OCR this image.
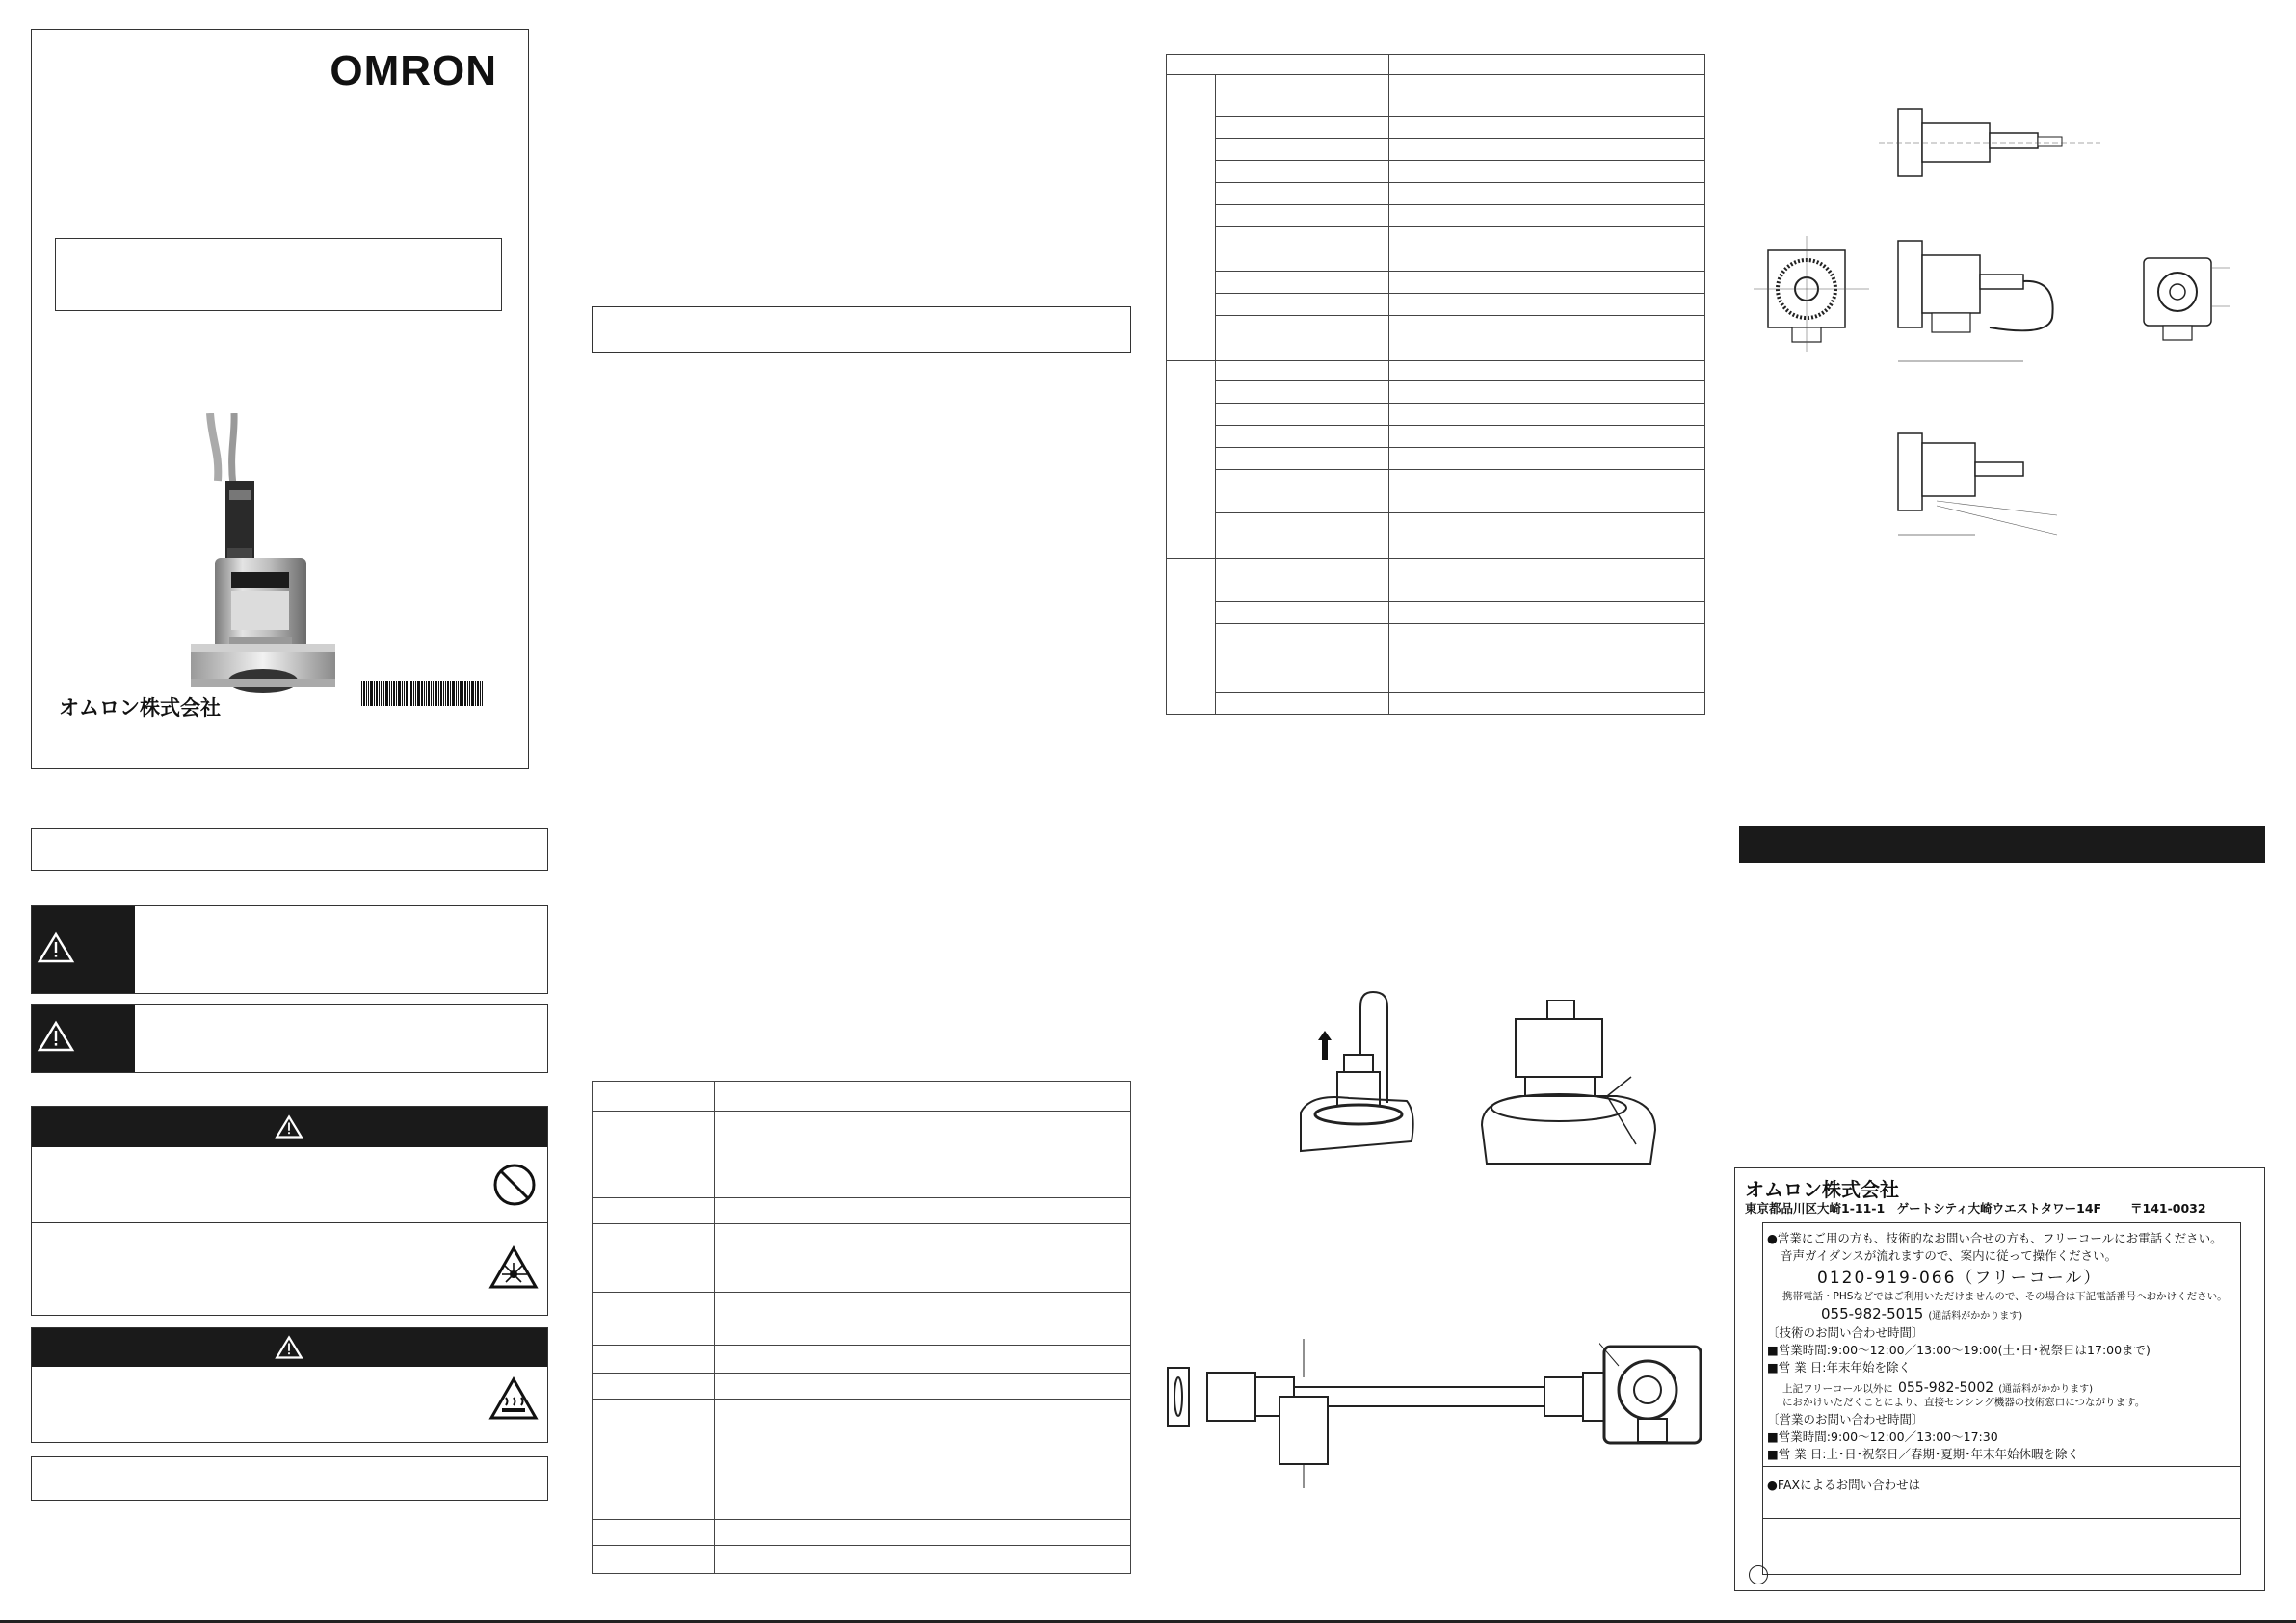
OMRON
オムロン株式会社

オムロン株式会社
東京都品川区大崎1-11-1　ゲートシティ大崎ウエストタワー14F 〒141-0032
●営業にご用の方も、技術的なお問い合せの方も、フリーコールにお電話ください。
音声ガイダンスが流れますので、案内に従って操作ください。
0120-919-066（フリーコール）
携帯電話・PHSなどではご利用いただけませんので、その場合は下記電話番号へおかけください。
055-982-5015 (通話料がかかります)
〔技術のお問い合わせ時間〕
■営業時間:9:00～12:00／13:00～19:00(土･日･祝祭日は17:00まで)
■営 業 日:年末年始を除く
上記フリーコール以外に 055-982-5002 (通話料がかかります)
におかけいただくことにより、直接センシング機器の技術窓口につながります。
〔営業のお問い合わせ時間〕
■営業時間:9:00～12:00／13:00～17:30
■営 業 日:土･日･祝祭日／春期･夏期･年末年始休暇を除く
●FAXによるお問い合わせは
